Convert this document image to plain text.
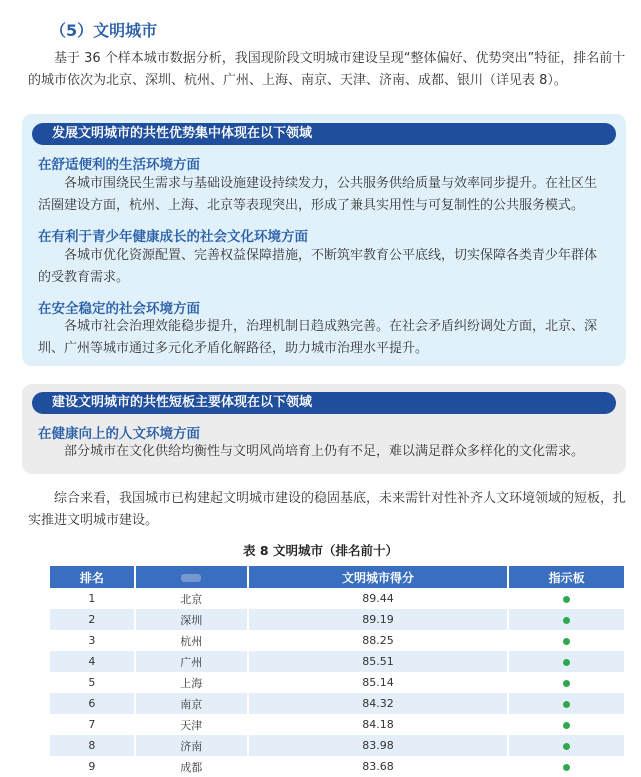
（5）文明城市
基于 36 个样本城市数据分析，我国现阶段文明城市建设呈现“整体偏好、优势突出”特征，排名前十的城市依次为北京、深圳、杭州、广州、上海、南京、天津、济南、成都、银川（详见表 8）。
发展文明城市的共性优势集中体现在以下领域
在舒适便利的生活环境方面
各城市围绕民生需求与基础设施建设持续发力，公共服务供给质量与效率同步提升。在社区生活圈建设方面，杭州、上海、北京等表现突出，形成了兼具实用性与可复制性的公共服务模式。
在有利于青少年健康成长的社会文化环境方面
各城市优化资源配置、完善权益保障措施，不断筑牢教育公平底线，切实保障各类青少年群体的受教育需求。
在安全稳定的社会环境方面
各城市社会治理效能稳步提升，治理机制日趋成熟完善。在社会矛盾纠纷调处方面，北京、深圳、广州等城市通过多元化矛盾化解路径，助力城市治理水平提升。
建设文明城市的共性短板主要体现在以下领域
在健康向上的人文环境方面
部分城市在文化供给均衡性与文明风尚培育上仍有不足，难以满足群众多样化的文化需求。
综合来看，我国城市已构建起文明城市建设的稳固基底，未来需针对性补齐人文环境领域的短板，扎实推进文明城市建设。
表 8 文明城市（排名前十）
排名		文明城市得分	指示板
1	北京	89.44	
2	深圳	89.19	
3	杭州	88.25	
4	广州	85.51	
5	上海	85.14	
6	南京	84.32	
7	天津	84.18	
8	济南	83.98	
9	成都	83.68	
